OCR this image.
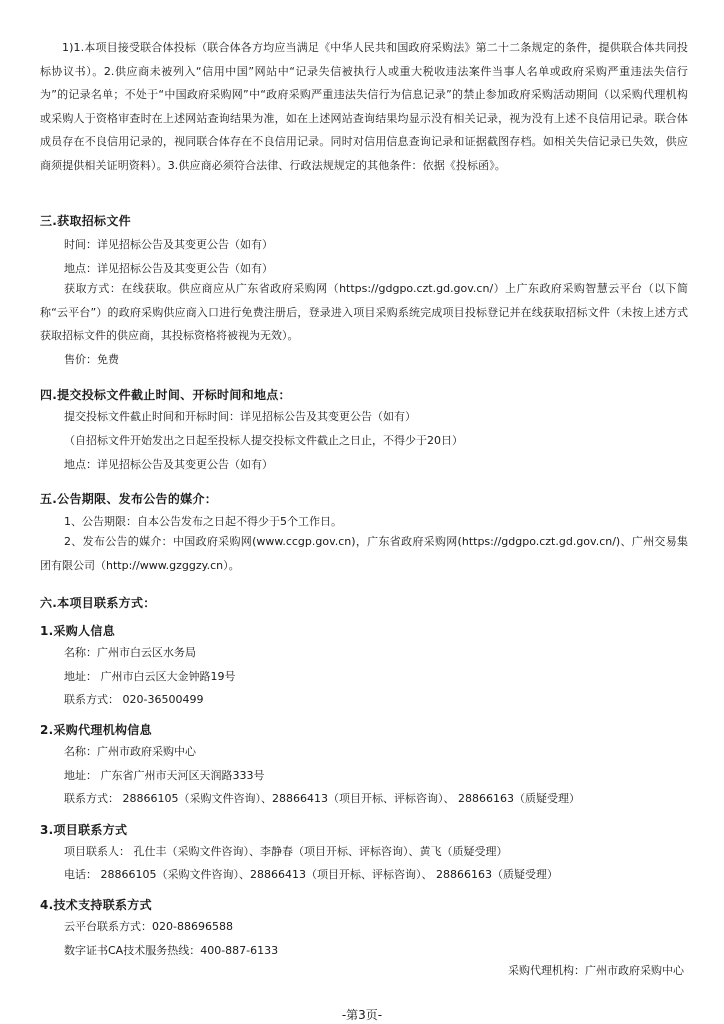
1)1.本项目接受联合体投标（联合体各方均应当满足《中华人民共和国政府采购法》第二十二条规定的条件，提供联合体共同投标协议书）。2.供应商未被列入“信用中国”网站中“记录失信被执行人或重大税收违法案件当事人名单或政府采购严重违法失信行为”的记录名单；不处于“中国政府采购网”中“政府采购严重违法失信行为信息记录”的禁止参加政府采购活动期间（以采购代理机构或采购人于资格审查时在上述网站查询结果为准，如在上述网站查询结果均显示没有相关记录，视为没有上述不良信用记录。联合体成员存在不良信用记录的，视同联合体存在不良信用记录。同时对信用信息查询记录和证据截图存档。如相关失信记录已失效，供应商须提供相关证明资料）。3.供应商必须符合法律、行政法规规定的其他条件：依据《投标函》。
三.获取招标文件
时间：详见招标公告及其变更公告（如有）
地点：详见招标公告及其变更公告（如有）
获取方式：在线获取。供应商应从广东省政府采购网（https://gdgpo.czt.gd.gov.cn/）上广东政府采购智慧云平台（以下简称“云平台”）的政府采购供应商入口进行免费注册后，登录进入项目采购系统完成项目投标登记并在线获取招标文件（未按上述方式获取招标文件的供应商，其投标资格将被视为无效）。
售价：免费
四.提交投标文件截止时间、开标时间和地点：
提交投标文件截止时间和开标时间：详见招标公告及其变更公告（如有）
（自招标文件开始发出之日起至投标人提交投标文件截止之日止，不得少于20日）
地点：详见招标公告及其变更公告（如有）
五.公告期限、发布公告的媒介：
1、公告期限：自本公告发布之日起不得少于5个工作日。
2、发布公告的媒介：中国政府采购网(www.ccgp.gov.cn)，广东省政府采购网(https://gdgpo.czt.gd.gov.cn/)、广州交易集团有限公司（http://www.gzggzy.cn）。
六.本项目联系方式：
1.采购人信息
名称：广州市白云区水务局
地址： 广州市白云区大金钟路19号
联系方式： 020-36500499
2.采购代理机构信息
名称：广州市政府采购中心
地址： 广东省广州市天河区天润路333号
联系方式： 28866105（采购文件咨询）、28866413（项目开标、评标咨询）、 28866163（质疑受理）
3.项目联系方式
项目联系人： 孔仕丰（采购文件咨询）、李静春（项目开标、评标咨询）、黄飞（质疑受理）
电话： 28866105（采购文件咨询）、28866413（项目开标、评标咨询）、 28866163（质疑受理）
4.技术支持联系方式
云平台联系方式：020-88696588
数字证书CA技术服务热线：400-887-6133
采购代理机构：广州市政府采购中心
-第3页-
